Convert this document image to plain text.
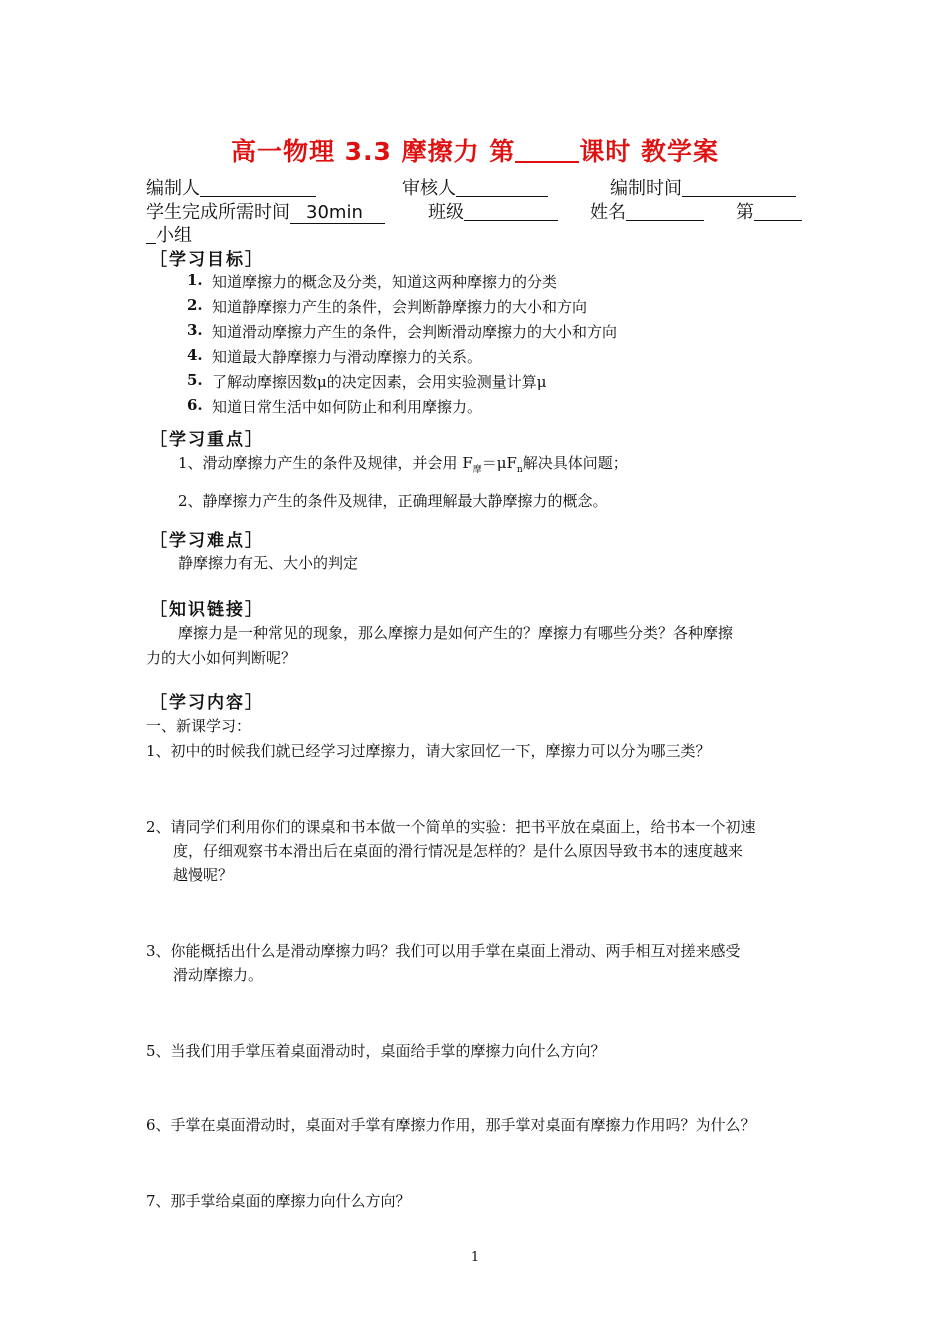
高一物理 3.3 摩擦力 第	课时 教学案
编制人	审核人	编制时间
学生完成所需时间 30min	班级	姓名	第
小组
［学习目标］
1. 知道摩擦力的概念及分类，知道这两种摩擦力的分类
2. 知道静摩擦力产生的条件，会判断静摩擦力的大小和方向
3. 知道滑动摩擦力产生的条件，会判断滑动摩擦力的大小和方向
4. 知道最大静摩擦力与滑动摩擦力的关系。
5. 了解动摩擦因数μ的决定因素，会用实验测量计算μ
6. 知道日常生活中如何防止和利用摩擦力。
［学习重点］
1、滑动摩擦力产生的条件及规律，并会用 $F_摩=\mu F_n$解决具体问题；
2、静摩擦力产生的条件及规律，正确理解最大静摩擦力的概念。
［学习难点］
静摩擦力有无、大小的判定
［知识链接］
摩擦力是一种常见的现象，那么摩擦力是如何产生的？摩擦力有哪些分类？各种摩擦
力的大小如何判断呢？
［学习内容］
一、新课学习：
1、初中的时候我们就已经学习过摩擦力，请大家回忆一下，摩擦力可以分为哪三类？
2、请同学们利用你们的课桌和书本做一个简单的实验：把书平放在桌面上，给书本一个初速
度，仔细观察书本滑出后在桌面的滑行情况是怎样的？是什么原因导致书本的速度越来
越慢呢？
3、你能概括出什么是滑动摩擦力吗？我们可以用手掌在桌面上滑动、两手相互对搓来感受
滑动摩擦力。
5、当我们用手掌压着桌面滑动时，桌面给手掌的摩擦力向什么方向？
6、手掌在桌面滑动时，桌面对手掌有摩擦力作用，那手掌对桌面有摩擦力作用吗？为什么？
7、那手掌给桌面的摩擦力向什么方向？
1
